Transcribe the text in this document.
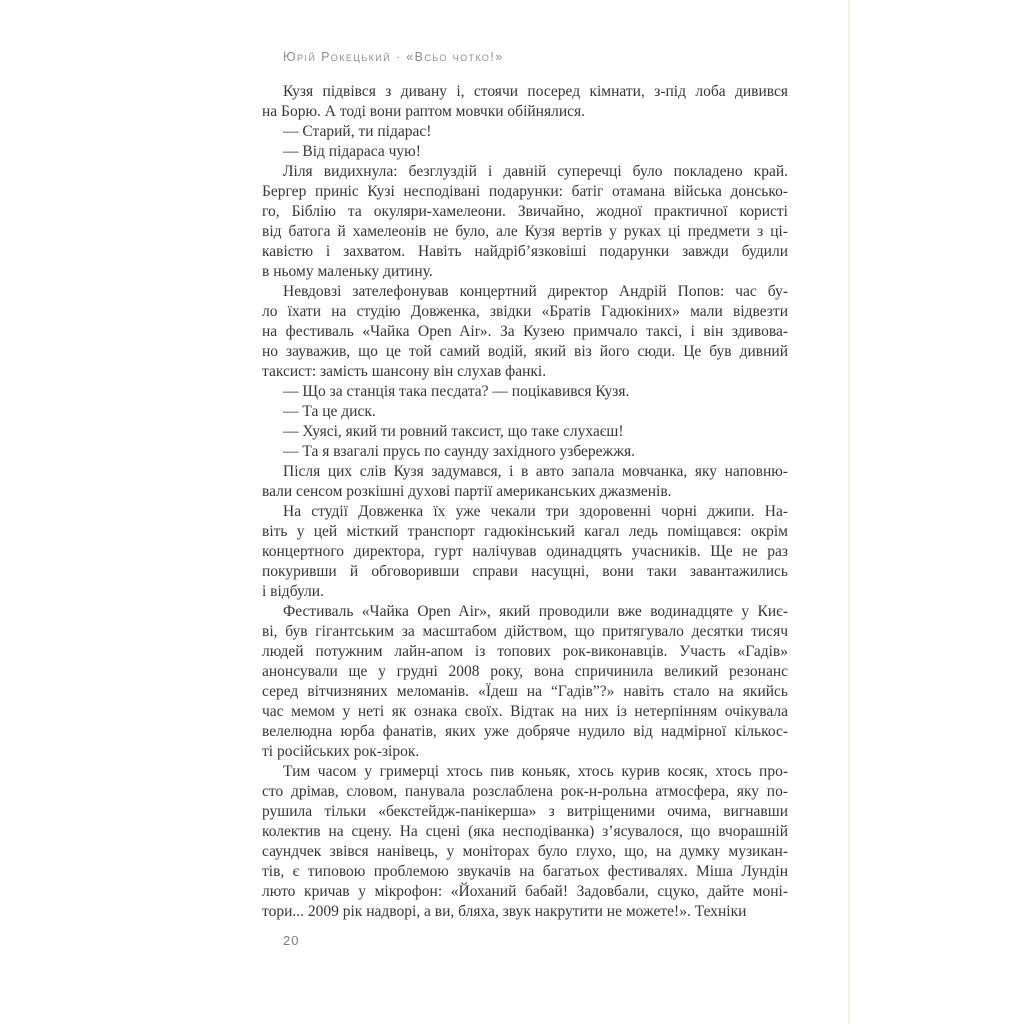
Юрій Рокецький · «Всьо чотко!»
Кузя підвівся з дивану і, стоячи посеред кімнати, з-під лоба дивився
на Борю. А тоді вони раптом мовчки обійнялися.
— Старий, ти підарас!
— Від підараса чую!
Ліля видихнула: безглуздій і давній суперечці було покладено край.
Бергер приніс Кузі несподівані подарунки: батіг отамана війська донсько-
го, Біблію та окуляри-хамелеони. Звичайно, жодної практичної користі
від батога й хамелеонів не було, але Кузя вертів у руках ці предмети з ці-
кавістю і захватом. Навіть найдріб’язковіші подарунки завжди будили
в ньому маленьку дитину.
Невдовзі зателефонував концертний директор Андрій Попов: час бу-
ло їхати на студію Довженка, звідки «Братів Гадюкіних» мали відвезти
на фестиваль «Чайка Open Air». За Кузею примчало таксі, і він здивова-
но зауважив, що це той самий водій, який віз його сюди. Це був дивний
таксист: замість шансону він слухав фанкі.
— Що за станція така песдата? — поцікавився Кузя.
— Та це диск.
— Хуясі, який ти ровний таксист, що таке слухаєш!
— Та я взагалі прусь по саунду західного узбережжя.
Після цих слів Кузя задумався, і в авто запала мовчанка, яку наповню-
вали сенсом розкішні духові партії американських джазменів.
На студії Довженка їх уже чекали три здоровенні чорні джипи. На-
віть у цей місткий транспорт гадюкінський кагал ледь поміщався: окрім
концертного директора, гурт налічував одинадцять учасників. Ще не раз
покуривши й обговоривши справи насущні, вони таки завантажились
і відбули.
Фестиваль «Чайка Open Air», який проводили вже водинадцяте у Киє-
ві, був гігантським за масштабом дійством, що притягувало десятки тисяч
людей потужним лайн-апом із топових рок-виконавців. Участь «Гадів»
анонсували ще у грудні 2008 року, вона спричинила великий резонанс
серед вітчизняних меломанів. «Їдеш на “Гадів”?» навіть стало на якийсь
час мемом у неті як ознака своїх. Відтак на них із нетерпінням очікувала
велелюдна юрба фанатів, яких уже добряче нудило від надмірної кількос-
ті російських рок-зірок.
Тим часом у гримерці хтось пив коньяк, хтось курив косяк, хтось про-
сто дрімав, словом, панувала розслаблена рок-н-рольна атмосфера, яку по-
рушила тільки «бекстейдж-панікерша» з витріщеними очима, вигнавши
колектив на сцену. На сцені (яка несподіванка) з’ясувалося, що вчорашній
саундчек звівся нанівець, у моніторах було глухо, що, на думку музикан-
тів, є типовою проблемою звукачів на багатьох фестивалях. Міша Лундін
люто кричав у мікрофон: «Йоханий бабай! Задовбали, сцуко, дайте моні-
тори... 2009 рік надворі, а ви, бляха, звук накрутити не можете!». Техніки
20
